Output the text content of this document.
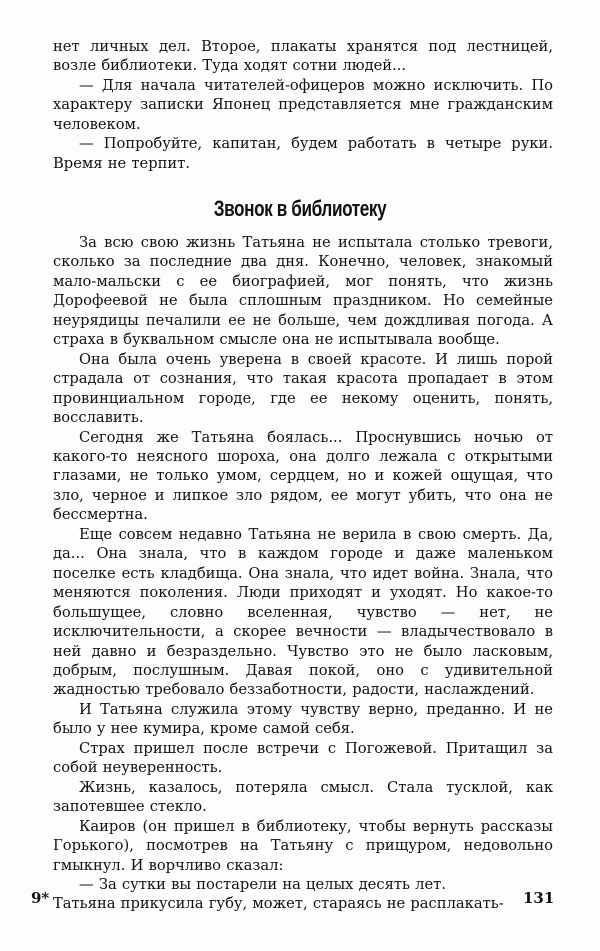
нет личных дел. Второе, плакаты хранятся под лестницей, возле библиотеки. Туда ходят сотни людей...

— Для начала читателей-офицеров можно исключить. По характеру записки Японец представляется мне гражданским человеком.

— Попробуйте, капитан, будем работать в четыре руки. Время не терпит.

Звонок в библиотеку

За всю свою жизнь Татьяна не испытала столько тревоги, сколько за последние два дня. Конечно, человек, знакомый мало-мальски с ее биографией, мог понять, что жизнь Дорофеевой не была сплошным праздником. Но семейные неурядицы печалили ее не больше, чем дождливая погода. А страха в буквальном смысле она не испытывала вообще.

Она была очень уверена в своей красоте. И лишь порой страдала от сознания, что такая красота пропадает в этом провинциальном городе, где ее некому оценить, понять, восславить.

Сегодня же Татьяна боялась... Проснувшись ночью от какого-то неясного шороха, она долго лежала с открытыми глазами, не только умом, сердцем, но и кожей ощущая, что зло, черное и липкое зло рядом, ее могут убить, что она не бессмертна.

Еще совсем недавно Татьяна не верила в свою смерть. Да, да... Она знала, что в каждом городе и даже маленьком поселке есть кладбища. Она знала, что идет война. Знала, что меняются поколения. Люди приходят и уходят. Но какое-то большущее, словно вселенная, чувство — нет, не исключительности, а скорее вечности — владычествовало в ней давно и безраздельно. Чувство это не было ласковым, добрым, послушным. Давая покой, оно с удивительной жадностью требовало беззаботности, радости, наслаждений.

И Татьяна служила этому чувству верно, преданно. И не было у нее кумира, кроме самой себя.

Страх пришел после встречи с Погожевой. Притащил за собой неуверенность.

Жизнь, казалось, потеряла смысл. Стала тусклой, как запотевшее стекло.

Каиров (он пришел в библиотеку, чтобы вернуть рассказы Горького), посмотрев на Татьяну с прищуром, недовольно гмыкнул. И ворчливо сказал:

— За сутки вы постарели на целых десять лет.

Татьяна прикусила губу, может, стараясь не расплакать-

9*	131
